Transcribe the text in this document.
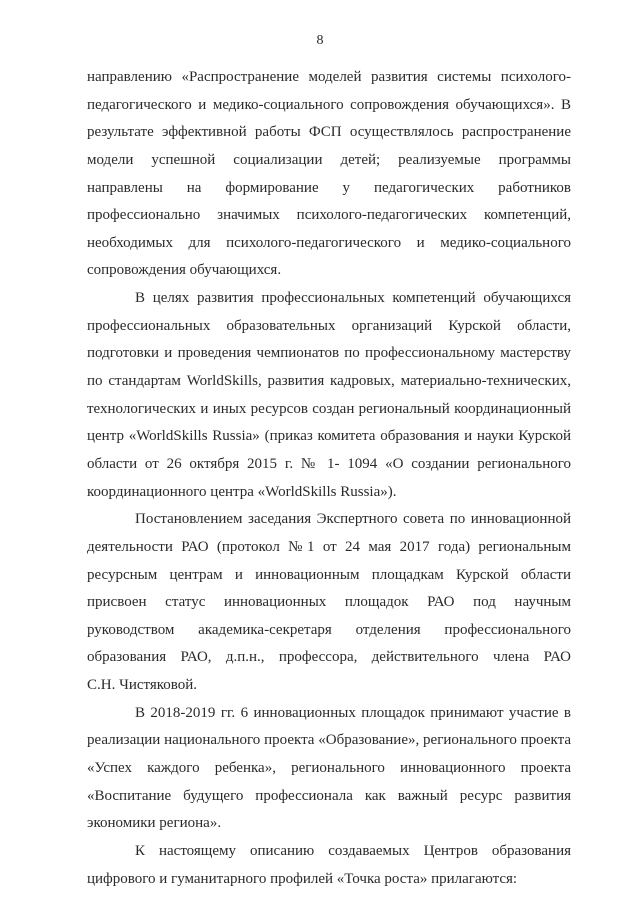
8
направлению «Распространение моделей развития системы психолого-
педагогического и медико-социального сопровождения обучающихся». В
результате эффективной работы ФСП осуществлялось распространение
модели успешной социализации детей; реализуемые программы
направлены на формирование у педагогических работников
профессионально значимых психолого-педагогических компетенций,
необходимых для психолого-педагогического и медико-социального
сопровождения обучающихся.
В целях развития профессиональных компетенций обучающихся
профессиональных образовательных организаций Курской области,
подготовки и проведения чемпионатов по профессиональному мастерству
по стандартам WorldSkills, развития кадровых, материально-технических,
технологических и иных ресурсов создан региональный координационный
центр «WorldSkills Russia» (приказ комитета образования и науки Курской
области от 26 октября 2015 г. № 1- 1094 «О создании регионального
координационного центра «WorldSkills Russia»).
Постановлением заседания Экспертного совета по инновационной
деятельности РАО (протокол №1 от 24 мая 2017 года) региональным
ресурсным центрам и инновационным площадкам Курской области
присвоен статус инновационных площадок РАО под научным
руководством академика-секретаря отделения профессионального
образования РАО, д.п.н., профессора, действительного члена РАО
С.Н. Чистяковой.
В 2018-2019 гг. 6 инновационных площадок принимают участие в
реализации национального проекта «Образование», регионального проекта
«Успех каждого ребенка», регионального инновационного проекта
«Воспитание будущего профессионала как важный ресурс развития
экономики региона».
К настоящему описанию создаваемых Центров образования
цифрового и гуманитарного профилей «Точка роста» прилагаются:
